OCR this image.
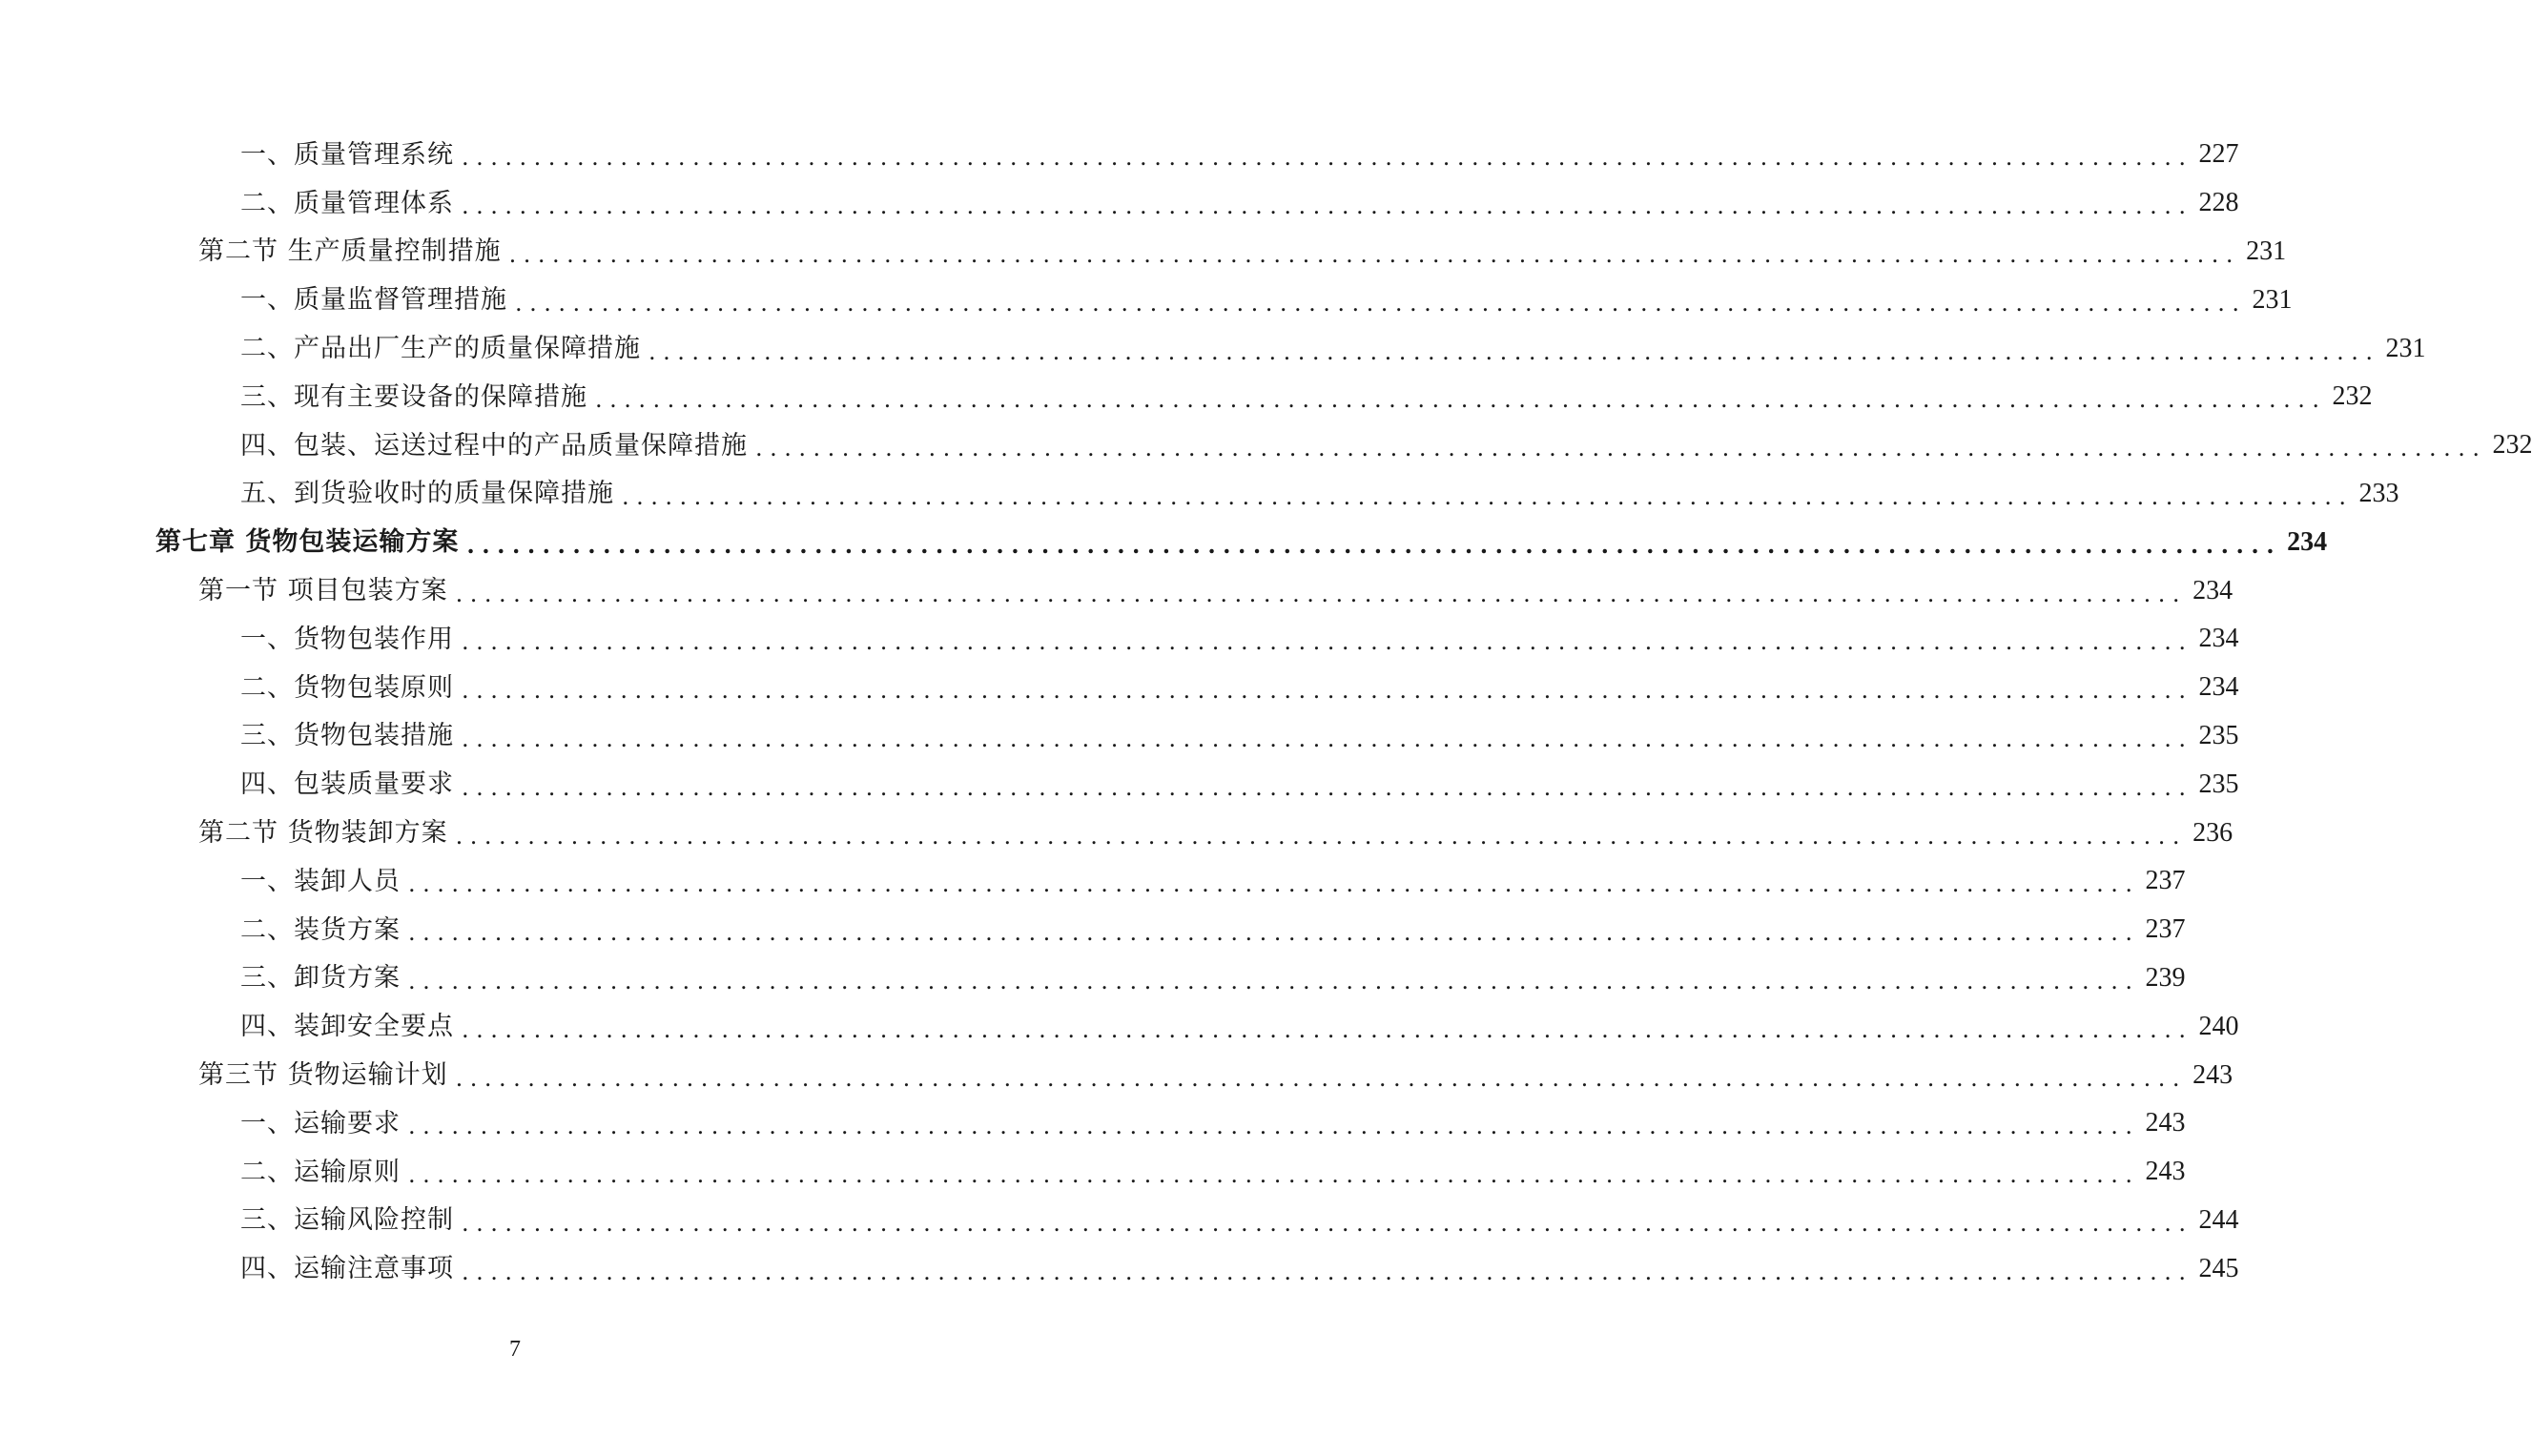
一、质量管理系统 ........................................................................................................................ 227
二、质量管理体系 ........................................................................................................................ 228
第二节 生产质量控制措施 ........................................................................................................................ 231
一、质量监督管理措施 ........................................................................................................................ 231
二、产品出厂生产的质量保障措施 ........................................................................................................................ 231
三、现有主要设备的保障措施 ........................................................................................................................ 232
四、包装、运送过程中的产品质量保障措施 ........................................................................................................................ 232
五、到货验收时的质量保障措施 ........................................................................................................................ 233
第七章 货物包装运输方案 ........................................................................................................................ 234
第一节 项目包装方案 ........................................................................................................................ 234
一、货物包装作用 ........................................................................................................................ 234
二、货物包装原则 ........................................................................................................................ 234
三、货物包装措施 ........................................................................................................................ 235
四、包装质量要求 ........................................................................................................................ 235
第二节 货物装卸方案 ........................................................................................................................ 236
一、装卸人员 ........................................................................................................................ 237
二、装货方案 ........................................................................................................................ 237
三、卸货方案 ........................................................................................................................ 239
四、装卸安全要点 ........................................................................................................................ 240
第三节 货物运输计划 ........................................................................................................................ 243
一、运输要求 ........................................................................................................................ 243
二、运输原则 ........................................................................................................................ 243
三、运输风险控制 ........................................................................................................................ 244
四、运输注意事项 ........................................................................................................................ 245
7
